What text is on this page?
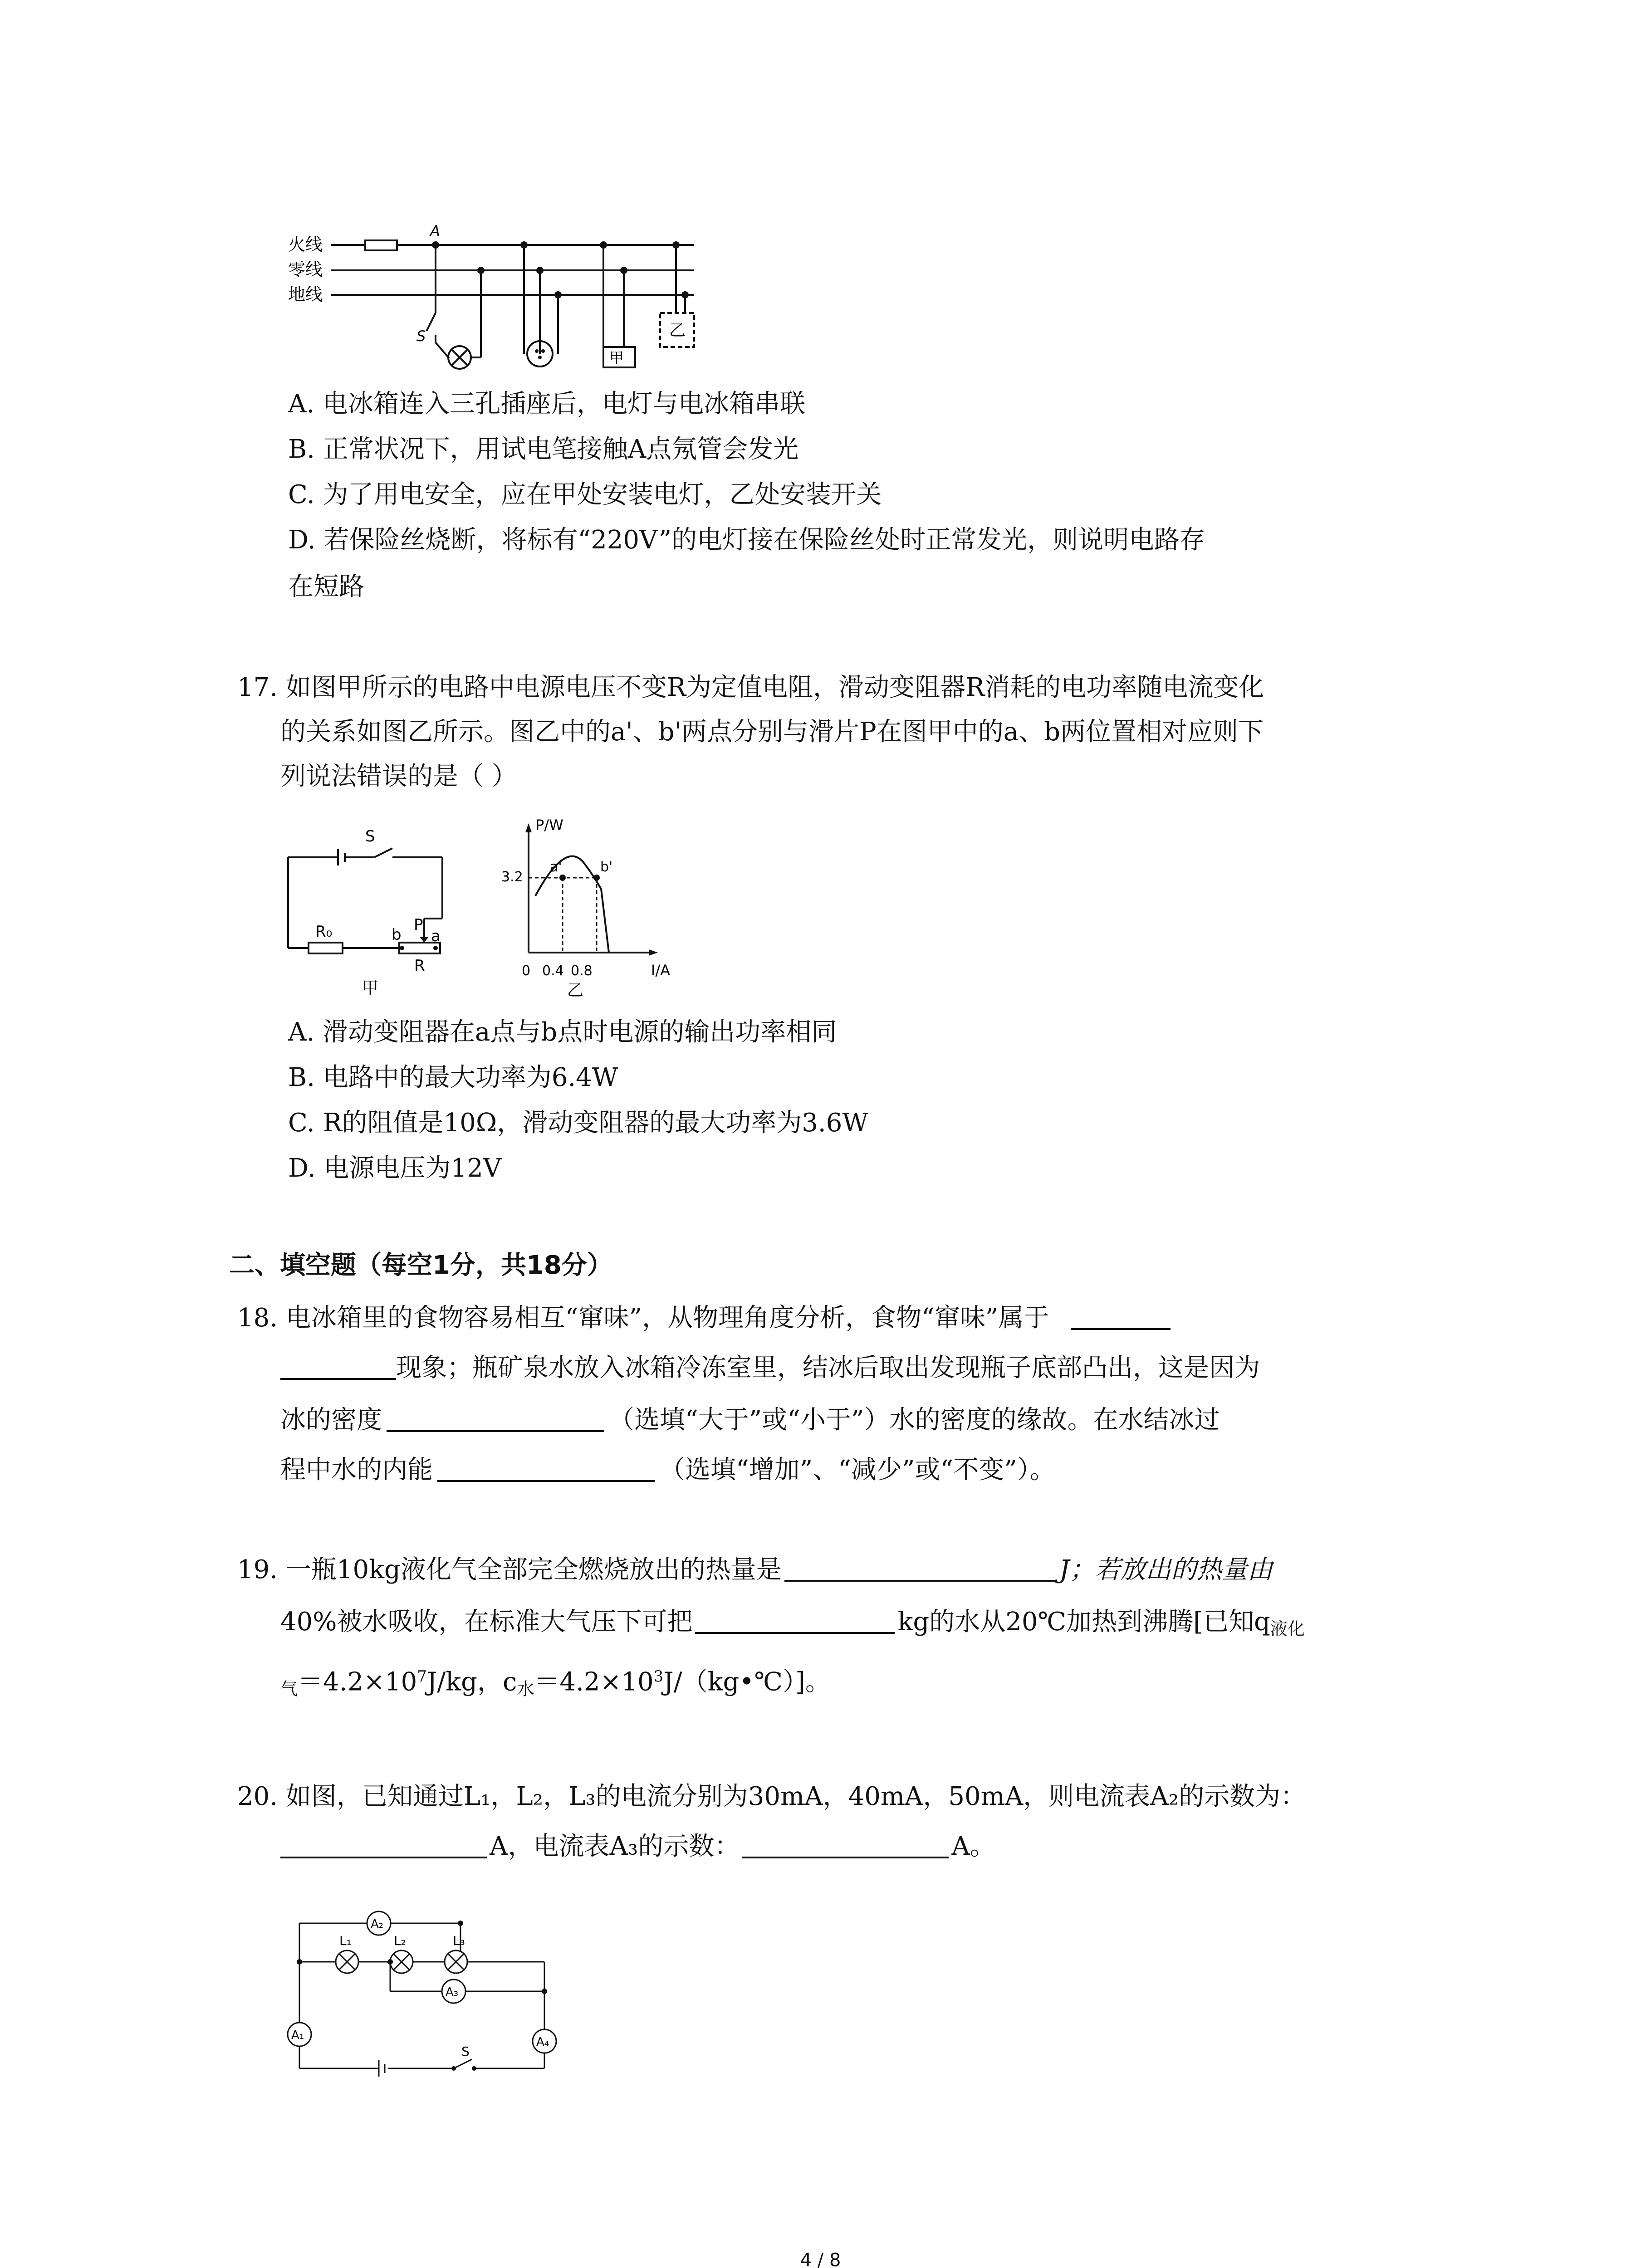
火线
零线
地线
A
S
甲
乙
A. 电冰箱连入三孔插座后，电灯与电冰箱串联
B. 正常状况下，用试电笔接触A点氖管会发光
C. 为了用电安全，应在甲处安装电灯，乙处安装开关
D. 若保险丝烧断，将标有“220V”的电灯接在保险丝处时正常发光，则说明电路存
在短路
17. 如图甲所示的电路中电源电压不变R为定值电阻，滑动变阻器R消耗的电功率随电流变化
的关系如图乙所示。图乙中的a'、b'两点分别与滑片P在图甲中的a、b两位置相对应则下
列说法错误的是（ ）
S
R₀	b
P
a
R
甲
a'	b'
P/W
I/A
0 0.4 0.8
3.2
乙
A. 滑动变阻器在a点与b点时电源的输出功率相同
B. 电路中的最大功率为6.4W
C. R的阻值是10Ω，滑动变阻器的最大功率为3.6W
D. 电源电压为12V
二、填空题（每空1分，共18分）
18. 电冰箱里的食物容易相互“窜味”，从物理角度分析，食物“窜味”属于
现象；瓶矿泉水放入冰箱冷冻室里，结冰后取出发现瓶子底部凸出，这是因为
冰的密度	（选填“大于”或“小于”）水的密度的缘故。在水结冰过
程中水的内能	（选填“增加”、“减少”或“不变”）。
19. 一瓶10kg液化气全部完全燃烧放出的热量是	J；若放出的热量由
40%被水吸收，在标准大气压下可把	kg的水从20℃加热到沸腾[已知q液化
气$=4.2\times 10^7J/kg$，c水$=4.2\times 10^3J/(kg•℃)$]。
20. 如图，已知通过L₁，L₂，L₃的电流分别为30mA，40mA，50mA，则电流表A₂的示数为：
A，电流表A₃的示数：	A。
A₂
A₁
A₃
A₄
L₁	L₂	L₃
S
4 / 8
